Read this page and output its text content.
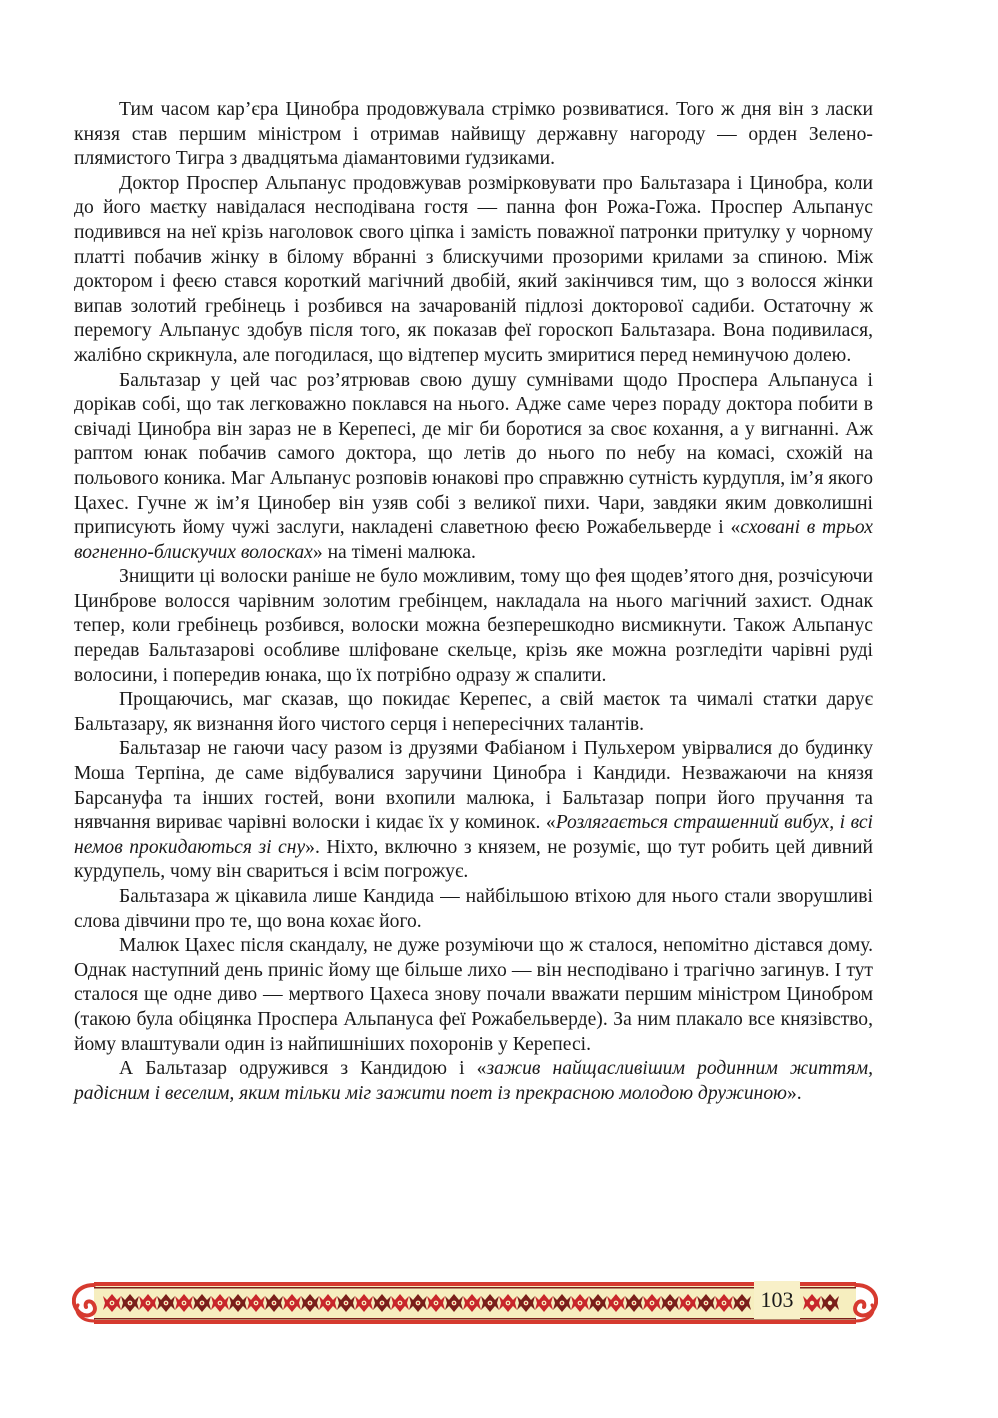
Тим часом кар’єра Цинобра продовжувала стрімко розвиватися. Того ж дня він з ласки князя став першим міністром і отримав найвищу державну нагороду — орден Зелено-плямистого Тигра з двадцятьма діамантовими ґудзиками.

Доктор Проспер Альпанус продовжував розмірковувати про Бальтазара і Цинобра, коли до його маєтку навідалася несподівана гостя — панна фон Рожа-Гожа. Проспер Альпанус подивився на неї крізь наголовок свого ціпка і замість поважної патронки притулку у чорному платті побачив жінку в білому вбранні з блискучими прозорими крилами за спиною. Між доктором і феєю стався короткий магічний двобій, який закінчився тим, що з волосся жінки випав золотий гребінець і розбився на зачарованій підлозі докторової садиби. Остаточну ж перемогу Альпанус здобув після того, як показав феї гороскоп Бальтазара. Вона подивилася, жалібно скрикнула, але погодилася, що відтепер мусить змиритися перед неминучою долею.

Бальтазар у цей час роз’ятрював свою душу сумнівами щодо Проспера Альпануса і дорікав собі, що так легковажно поклався на нього. Адже саме через пораду доктора побити в свічаді Цинобра він зараз не в Керепесі, де міг би боротися за своє кохання, а у вигнанні. Аж раптом юнак побачив самого доктора, що летів до нього по небу на комасі, схожій на польового коника. Маг Альпанус розповів юнакові про справжню сутність курдупля, ім’я якого Цахес. Гучне ж ім’я Цинобер він узяв собі з великої пихи. Чари, завдяки яким довколишні приписують йому чужі заслуги, накладені славетною феєю Рожабельверде і «сховані в трьох вогненно-блискучих волосках» на тімені малюка.

Знищити ці волоски раніше не було можливим, тому що фея щодев’ятого дня, розчісуючи Цинброве волосся чарівним золотим гребінцем, накладала на нього магічний захист. Однак тепер, коли гребінець розбився, волоски можна безперешкодно висмикнути. Також Альпанус передав Бальтазарові особливе шліфоване скельце, крізь яке можна розгледіти чарівні руді волосини, і попередив юнака, що їх потрібно одразу ж спалити.

Прощаючись, маг сказав, що покидає Керепес, а свій маєток та чималі статки дарує Бальтазару, як визнання його чистого серця і непересічних талантів.

Бальтазар не гаючи часу разом із друзями Фабіаном і Пульхером увірвалися до будинку Моша Терпіна, де саме відбувалися заручини Цинобра і Кандиди. Незважаючи на князя Барсануфа та інших гостей, вони вхопили малюка, і Бальтазар попри його пручання та нявчання вириває чарівні волоски і кидає їх у коминок. «Розлягається страшенний вибух, і всі немов прокидаються зі сну». Ніхто, включно з князем, не розуміє, що тут робить цей дивний курдупель, чому він свариться і всім погрожує.

Бальтазара ж цікавила лише Кандида — найбільшою втіхою для нього стали зворушливі слова дівчини про те, що вона кохає його.

Малюк Цахес після скандалу, не дуже розуміючи що ж сталося, непомітно дістався дому. Однак наступний день приніс йому ще більше лихо — він несподівано і трагічно загинув. І тут сталося ще одне диво — мертвого Цахеса знову почали вважати першим міністром Цинобром (такою була обіцянка Проспера Альпануса феї Рожабельверде). За ним плакало все князівство, йому влаштували один із найпишніших похоронів у Керепесі.

А Бальтазар одружився з Кандидою і «зажив найщасливішим родинним життям, радісним і веселим, яким тільки міг зажити поет із прекрасною молодою дружиною».

103
